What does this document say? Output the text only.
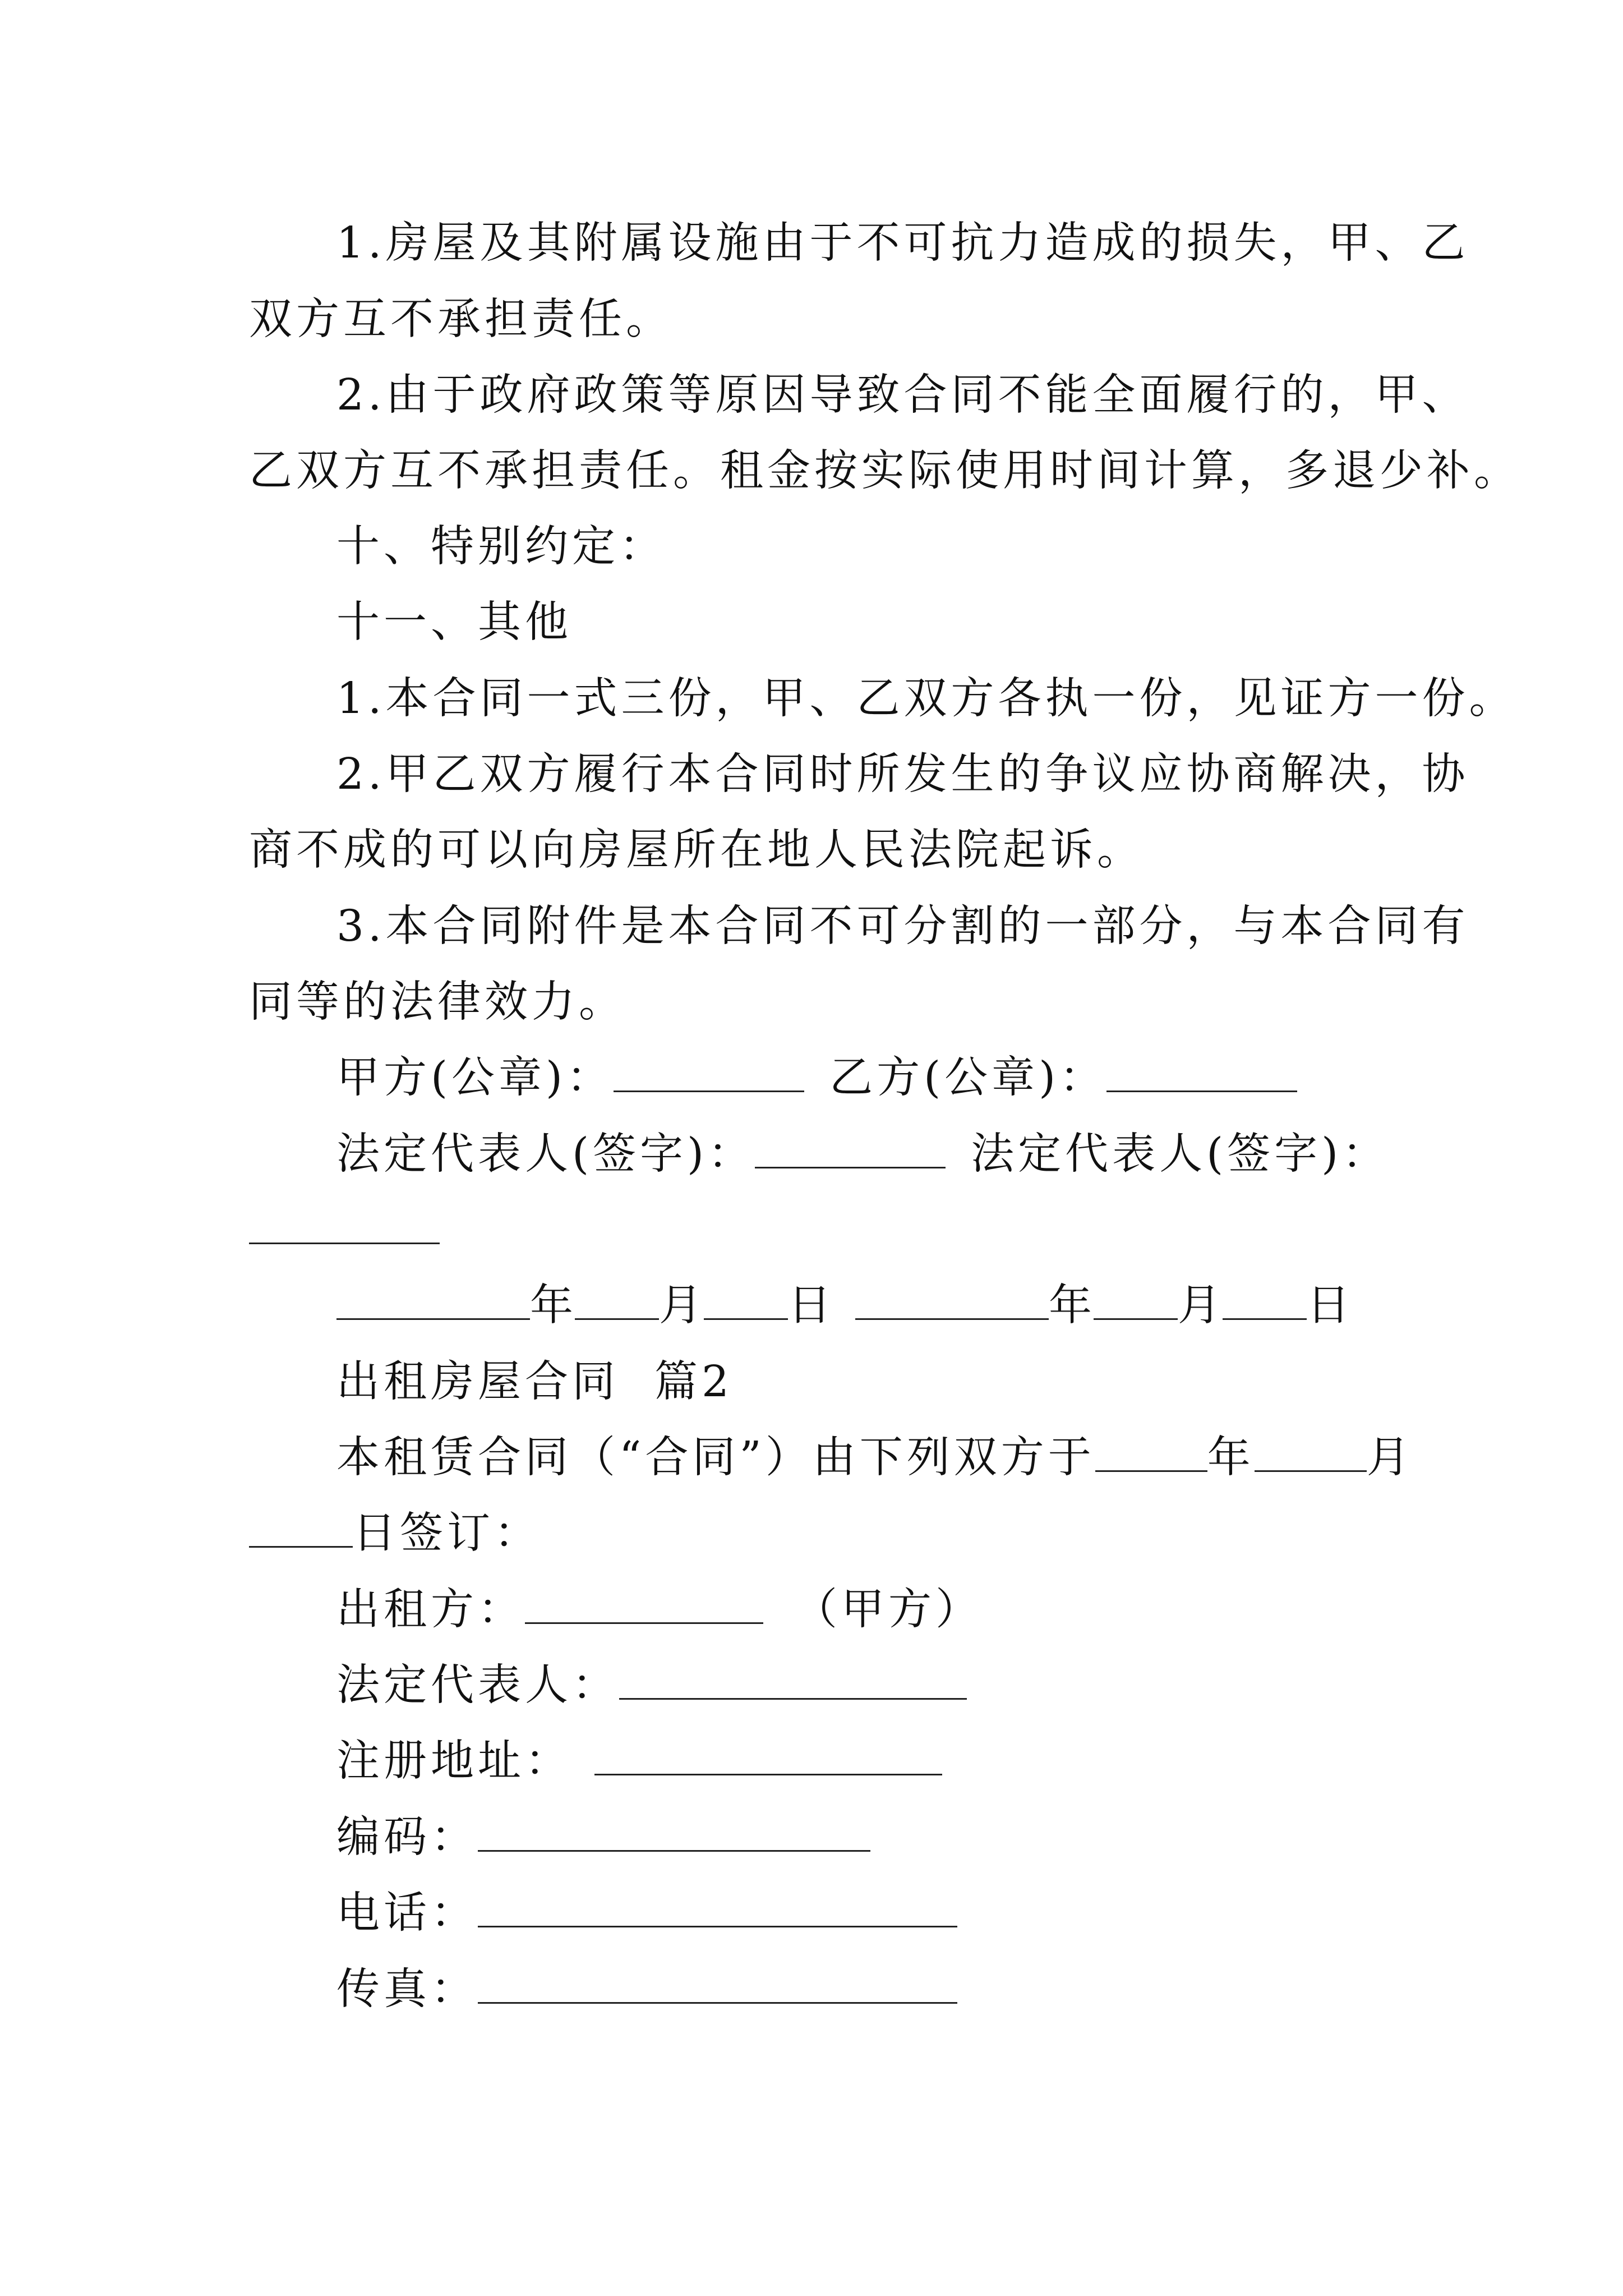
1.房屋及其附属设施由于不可抗力造成的损失，甲、乙
双方互不承担责任。
2.由于政府政策等原因导致合同不能全面履行的，甲、
乙双方互不承担责任。租金按实际使用时间计算，多退少补。
十、特别约定：
十一、其他
1.本合同一式三份，甲、乙双方各执一份，见证方一份。
2.甲乙双方履行本合同时所发生的争议应协商解决，协
商不成的可以向房屋所在地人民法院起诉。
3.本合同附件是本合同不可分割的一部分，与本合同有
同等的法律效力。
甲方(公章)：	乙方(公章)：
法定代表人(签字)：	法定代表人(签字)：
年 月 日	年 月 日
出租房屋合同  篇2
本租赁合同（“合同”）由下列双方于	年	月
日签订：
出租方：	（甲方）
法定代表人：
注册地址：
编码：
电话：
传真：
